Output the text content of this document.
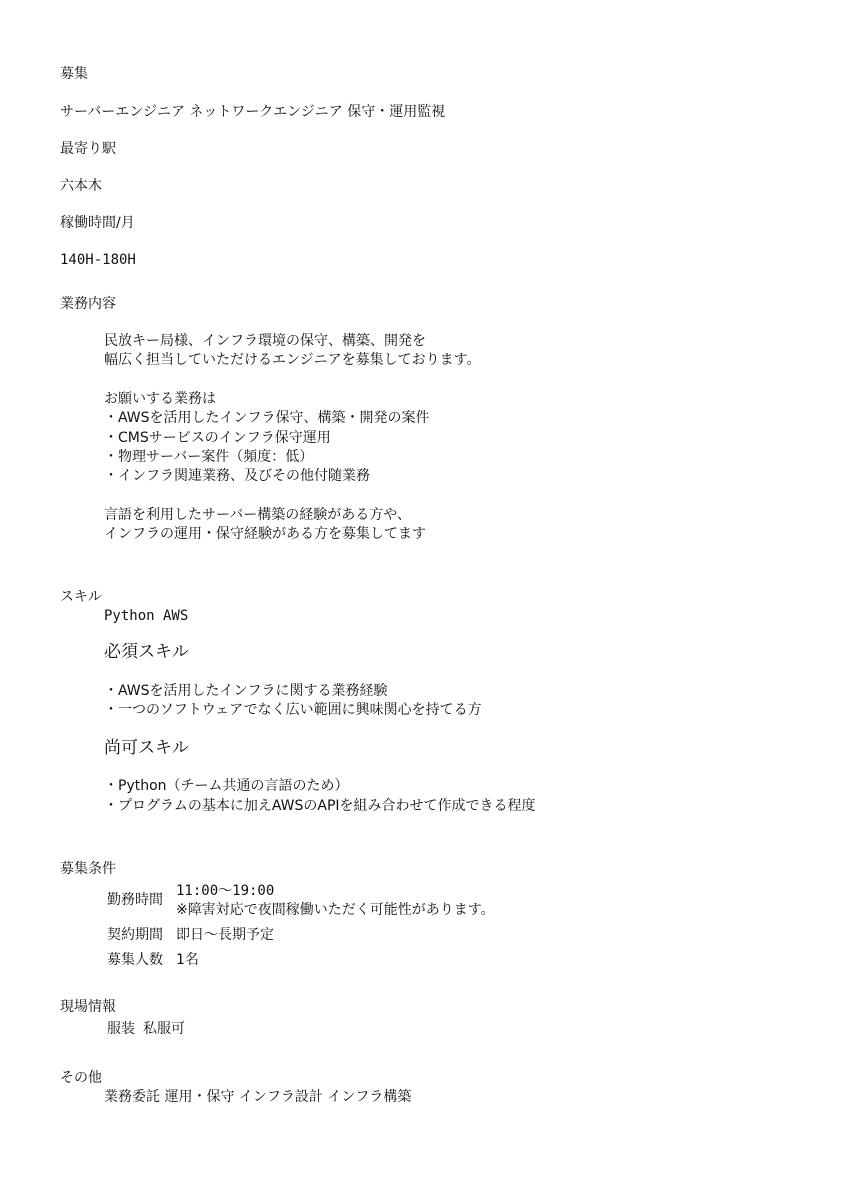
募集
サーバーエンジニア ネットワークエンジニア 保守・運用監視
最寄り駅
六本木
稼働時間/月
140H-180H
業務内容
民放キー局様、インフラ環境の保守、構築、開発を
幅広く担当していただけるエンジニアを募集しております。
お願いする業務は
・AWSを活用したインフラ保守、構築・開発の案件
・CMSサービスのインフラ保守運用
・物理サーバー案件（頻度：低）
・インフラ関連業務、及びその他付随業務
言語を利用したサーバー構築の経験がある方や、
インフラの運用・保守経験がある方を募集してます
スキル
Python AWS
必須スキル
・AWSを活用したインフラに関する業務経験
・一つのソフトウェアでなく広い範囲に興味関心を持てる方
尚可スキル
・Python（チーム共通の言語のため）
・プログラムの基本に加えAWSのAPIを組み合わせて作成できる程度
募集条件
勤務時間
11:00〜19:00
※障害対応で夜間稼働いただく可能性があります。
契約期間 即日〜長期予定
募集人数 1名
現場情報
服装 私服可
その他
業務委託 運用・保守 インフラ設計 インフラ構築
